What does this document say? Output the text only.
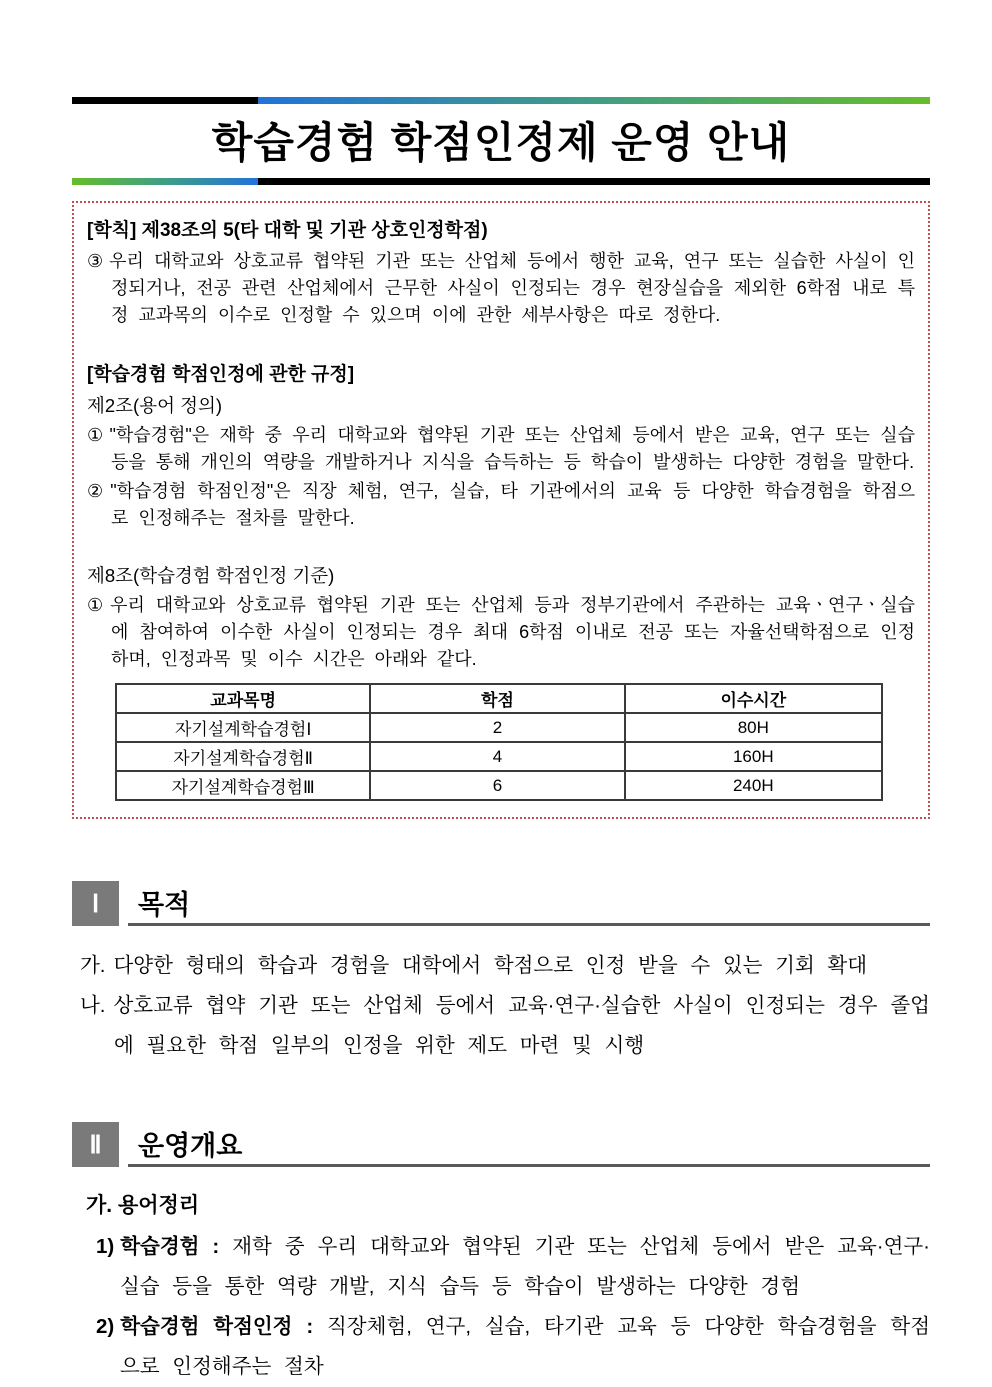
학습경험 학점인정제 운영 안내

[학칙] 제38조의 5(타 대학 및 기관 상호인정학점)

③ 우리 대학교와 상호교류 협약된 기관 또는 산업체 등에서 행한 교육, 연구 또는 실습한 사실이 인정되거나, 전공 관련 산업체에서 근무한 사실이 인정되는 경우 현장실습을 제외한 6학점 내로 특정 교과목의 이수로 인정할 수 있으며 이에 관한 세부사항은 따로 정한다.

[학습경험 학점인정에 관한 규정]

제2조(용어 정의)

① "학습경험"은 재학 중 우리 대학교와 협약된 기관 또는 산업체 등에서 받은 교육, 연구 또는 실습 등을 통해 개인의 역량을 개발하거나 지식을 습득하는 등 학습이 발생하는 다양한 경험을 말한다.

② "학습경험 학점인정"은 직장 체험, 연구, 실습, 타 기관에서의 교육 등 다양한 학습경험을 학점으로 인정해주는 절차를 말한다.

제8조(학습경험 학점인정 기준)

① 우리 대학교와 상호교류 협약된 기관 또는 산업체 등과 정부기관에서 주관하는 교육ㆍ연구ㆍ실습에 참여하여 이수한 사실이 인정되는 경우 최대 6학점 이내로 전공 또는 자율선택학점으로 인정하며, 인정과목 및 이수 시간은 아래와 같다.

교과목명	학점	이수시간
자기설계학습경험Ⅰ	2	80H
자기설계학습경험Ⅱ	4	160H
자기설계학습경험Ⅲ	6	240H
Ⅰ	목적

가. 다양한 형태의 학습과 경험을 대학에서 학점으로 인정 받을 수 있는 기회 확대

나. 상호교류 협약 기관 또는 산업체 등에서 교육·연구·실습한 사실이 인정되는 경우 졸업에 필요한 학점 일부의 인정을 위한 제도 마련 및 시행

Ⅱ	운영개요

가. 용어정리

1) 학습경험 : 재학 중 우리 대학교와 협약된 기관 또는 산업체 등에서 받은 교육·연구·실습 등을 통한 역량 개발, 지식 습득 등 학습이 발생하는 다양한 경험

2) 학습경험 학점인정 : 직장체험, 연구, 실습, 타기관 교육 등 다양한 학습경험을 학점으로 인정해주는 절차
